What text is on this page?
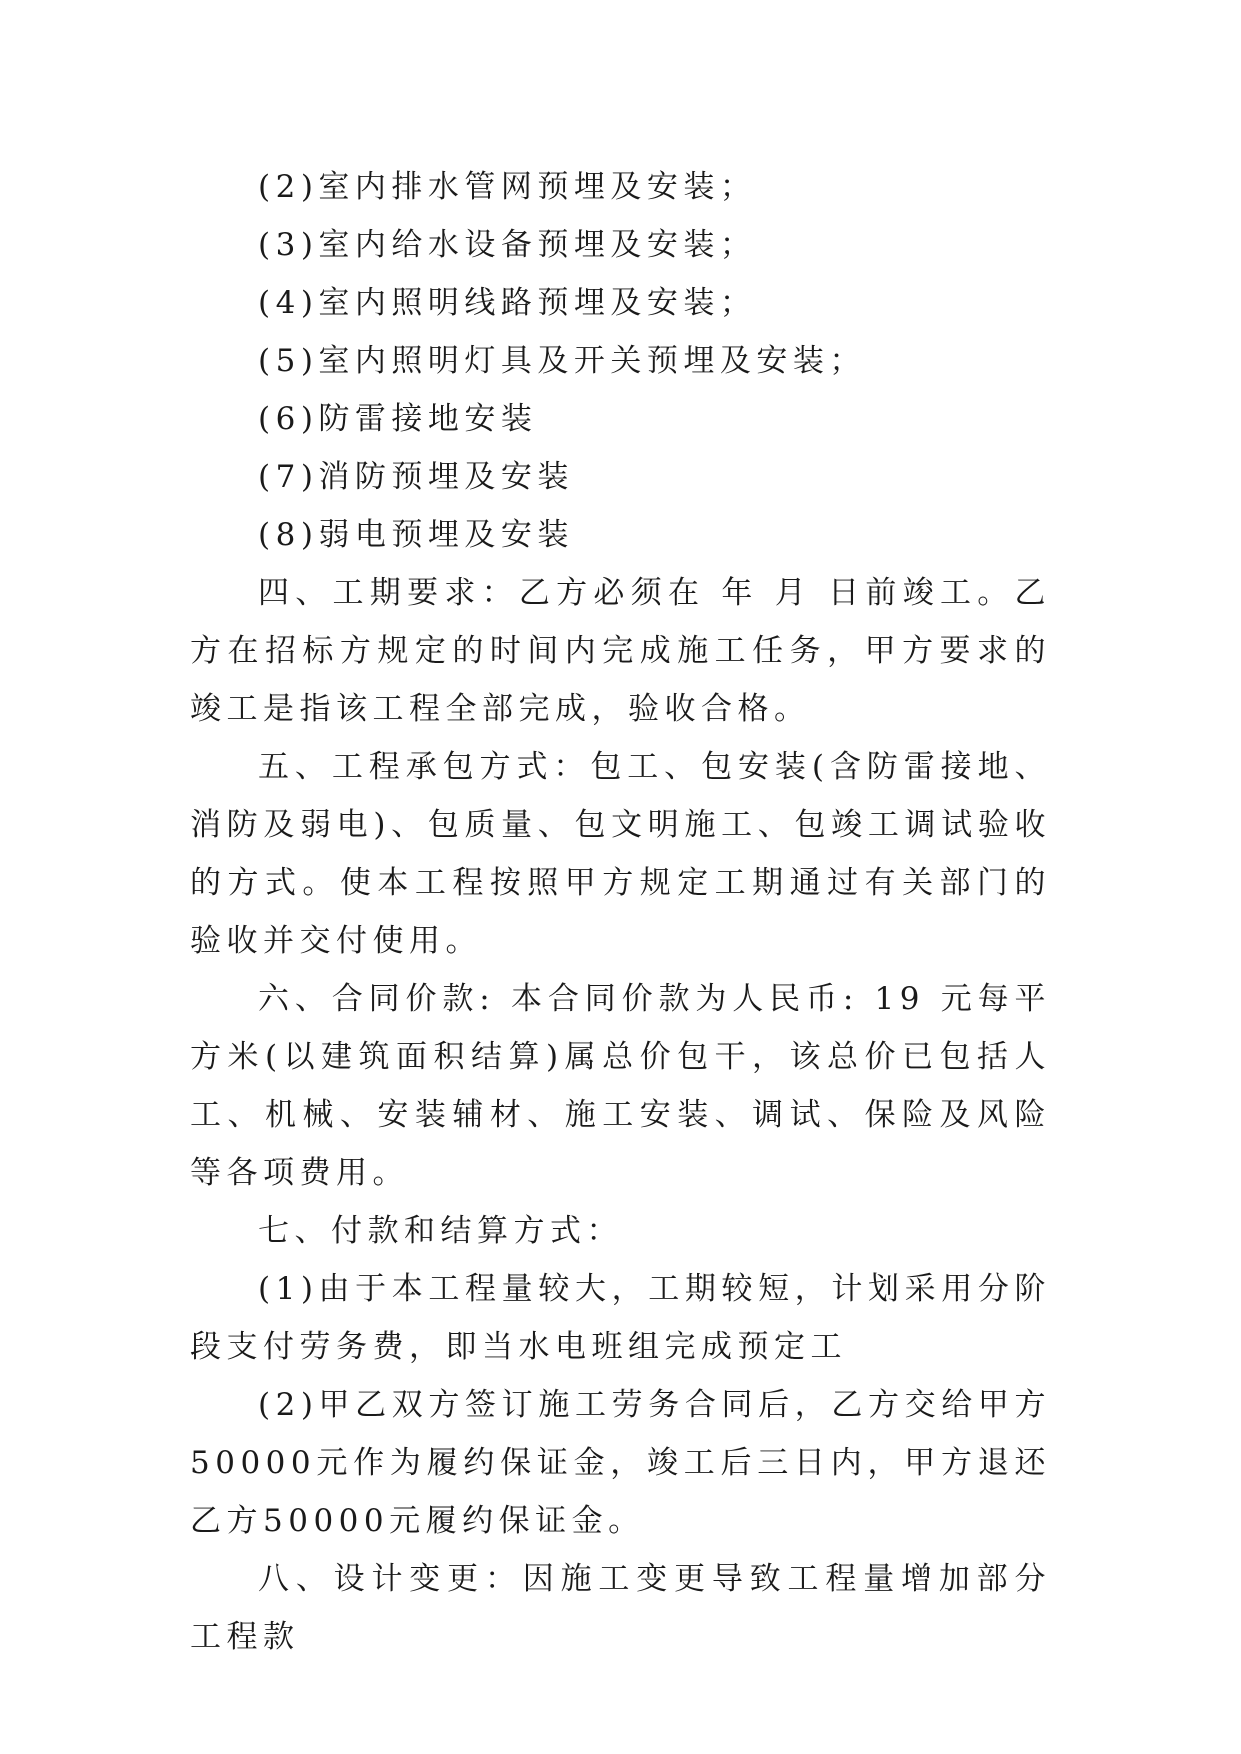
(2)室内排水管网预埋及安装；

(3)室内给水设备预埋及安装；

(4)室内照明线路预埋及安装；

(5)室内照明灯具及开关预埋及安装；

(6)防雷接地安装

(7)消防预埋及安装

(8)弱电预埋及安装

四、工期要求：乙方必须在 年 月 日前竣工。乙方在招标方规定的时间内完成施工任务，甲方要求的竣工是指该工程全部完成，验收合格。

五、工程承包方式：包工、包安装(含防雷接地、消防及弱电)、包质量、包文明施工、包竣工调试验收的方式。使本工程按照甲方规定工期通过有关部门的验收并交付使用。

六、合同价款: 本合同价款为人民币: 19 元每平方米(以建筑面积结算)属总价包干，该总价已包括人工、机械、安装辅材、施工安装、调试、保险及风险等各项费用。

七、付款和结算方式：

(1)由于本工程量较大，工期较短，计划采用分阶段支付劳务费，即当水电班组完成预定工

(2)甲乙双方签订施工劳务合同后，乙方交给甲方50000元作为履约保证金，竣工后三日内，甲方退还乙方50000元履约保证金。

八、设计变更：因施工变更导致工程量增加部分工程款
